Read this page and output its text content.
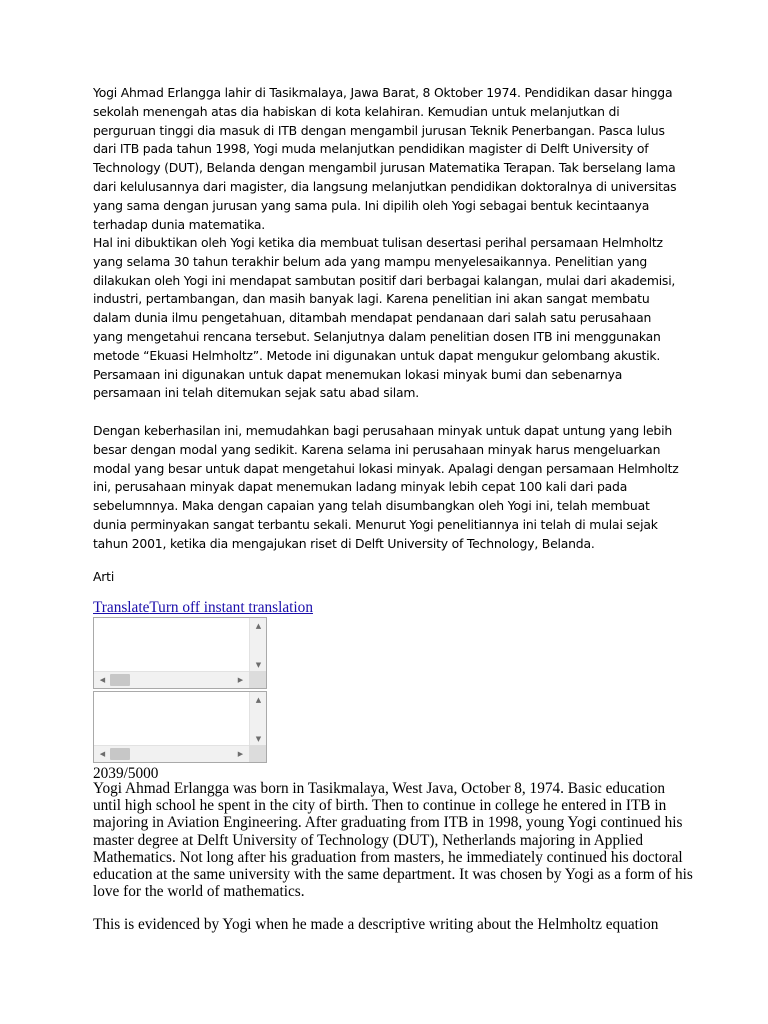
Yogi Ahmad Erlangga lahir di Tasikmalaya, Jawa Barat, 8 Oktober 1974. Pendidikan dasar hingga sekolah menengah atas dia habiskan di kota kelahiran. Kemudian untuk melanjutkan di perguruan tinggi dia masuk di ITB dengan mengambil jurusan Teknik Penerbangan. Pasca lulus dari ITB pada tahun 1998, Yogi muda melanjutkan pendidikan magister di Delft University of Technology (DUT), Belanda dengan mengambil jurusan Matematika Terapan. Tak berselang lama dari kelulusannya dari magister, dia langsung melanjutkan pendidikan doktoralnya di universitas yang sama dengan jurusan yang sama pula. Ini dipilih oleh Yogi sebagai bentuk kecintaanya terhadap dunia matematika.

Hal ini dibuktikan oleh Yogi ketika dia membuat tulisan desertasi perihal persamaan Helmholtz yang selama 30 tahun terakhir belum ada yang mampu menyelesaikannya. Penelitian yang dilakukan oleh Yogi ini mendapat sambutan positif dari berbagai kalangan, mulai dari akademisi, industri, pertambangan, dan masih banyak lagi. Karena penelitian ini akan sangat membatu dalam dunia ilmu pengetahuan, ditambah mendapat pendanaan dari salah satu perusahaan yang mengetahui rencana tersebut. Selanjutnya dalam penelitian dosen ITB ini menggunakan metode “Ekuasi Helmholtz”. Metode ini digunakan untuk dapat mengukur gelombang akustik. Persamaan ini digunakan untuk dapat menemukan lokasi minyak bumi dan sebenarnya persamaan ini telah ditemukan sejak satu abad silam.

Dengan keberhasilan ini, memudahkan bagi perusahaan minyak untuk dapat untung yang lebih besar dengan modal yang sedikit. Karena selama ini perusahaan minyak harus mengeluarkan modal yang besar untuk dapat mengetahui lokasi minyak. Apalagi dengan persamaan Helmholtz ini, perusahaan minyak dapat menemukan ladang minyak lebih cepat 100 kali dari pada sebelumnnya. Maka dengan capaian yang telah disumbangkan oleh Yogi ini, telah membuat dunia perminyakan sangat terbantu sekali. Menurut Yogi penelitiannya ini telah di mulai sejak tahun 2001, ketika dia mengajukan riset di Delft University of Technology, Belanda.

Arti

TranslateTurn off instant translation
▲
▼
◀	▶
▲
▼
◀	▶

2039/5000

Yogi Ahmad Erlangga was born in Tasikmalaya, West Java, October 8, 1974. Basic education until high school he spent in the city of birth. Then to continue in college he entered in ITB in majoring in Aviation Engineering. After graduating from ITB in 1998, young Yogi continued his master degree at Delft University of Technology (DUT), Netherlands majoring in Applied Mathematics. Not long after his graduation from masters, he immediately continued his doctoral education at the same university with the same department. It was chosen by Yogi as a form of his love for the world of mathematics.

This is evidenced by Yogi when he made a descriptive writing about the Helmholtz equation
